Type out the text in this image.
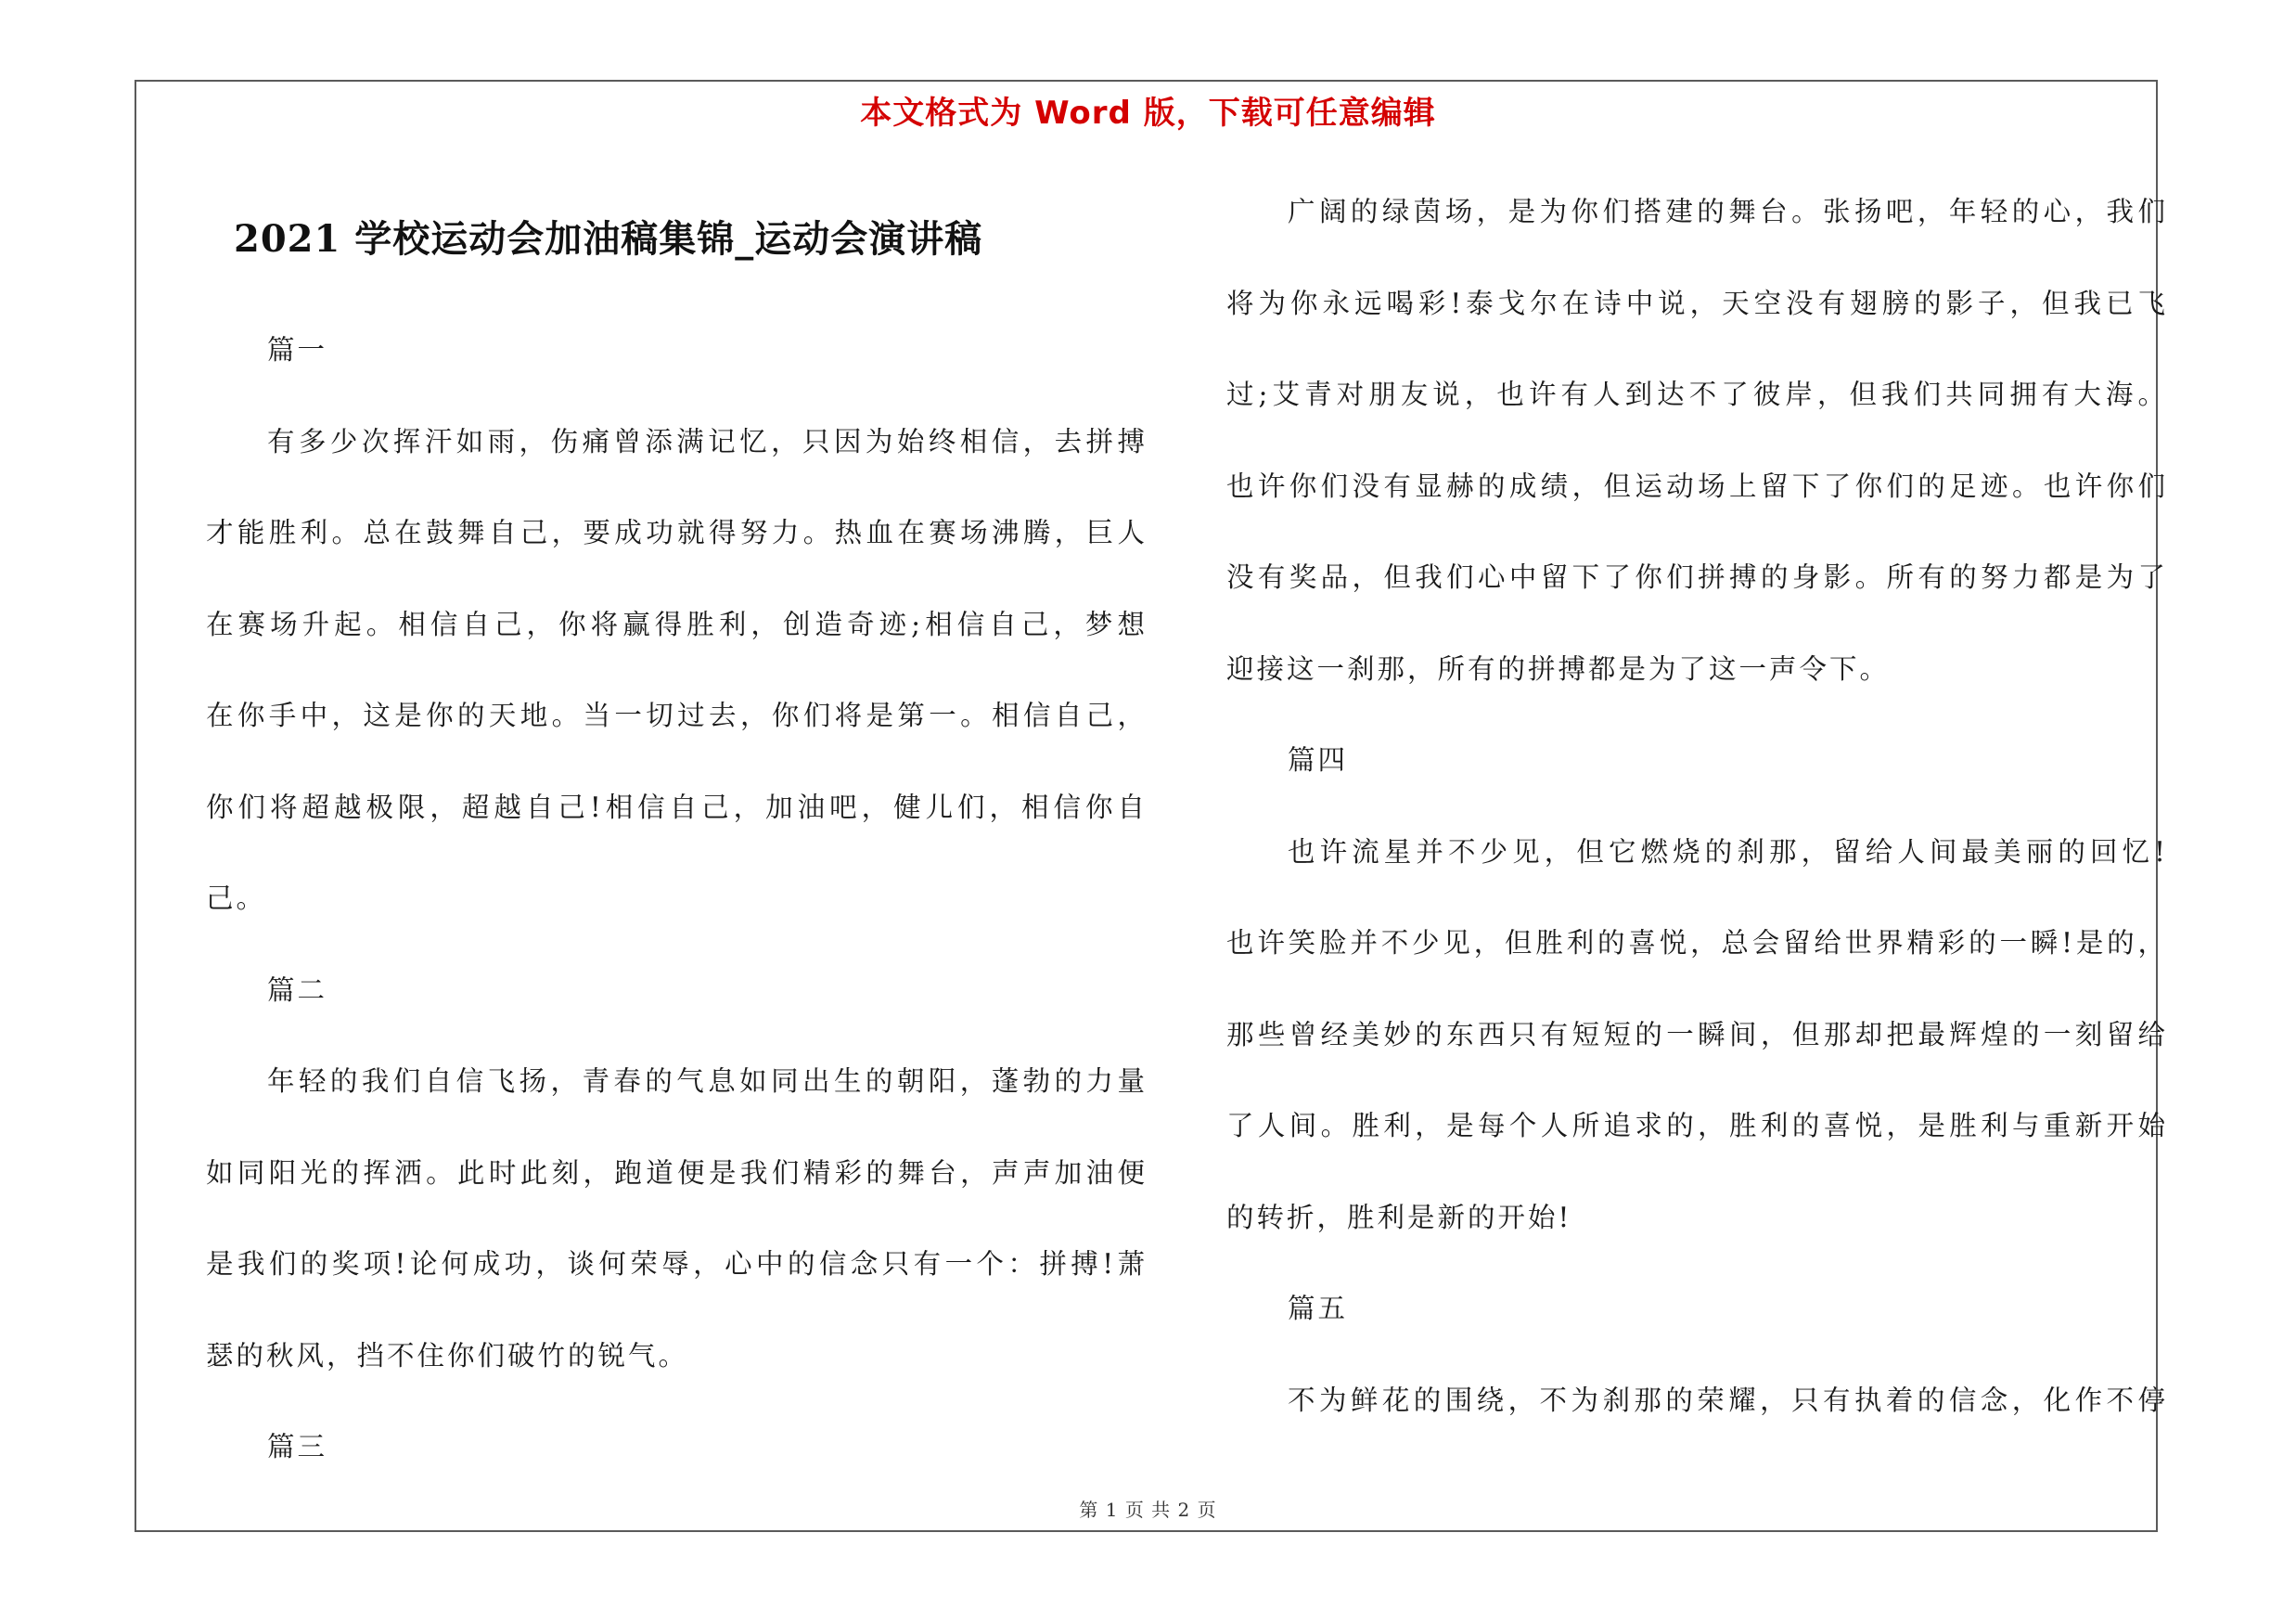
本文格式为 Word 版，下载可任意编辑
2021 学校运动会加油稿集锦_运动会演讲稿
篇一
有多少次挥汗如雨，伤痛曾添满记忆，只因为始终相信，去拼搏
才能胜利。总在鼓舞自己，要成功就得努力。热血在赛场沸腾，巨人
在赛场升起。相信自己，你将赢得胜利，创造奇迹;相信自己，梦想
在你手中，这是你的天地。当一切过去，你们将是第一。相信自己，
你们将超越极限，超越自己!相信自己，加油吧，健儿们，相信你自
己。
篇二
年轻的我们自信飞扬，青春的气息如同出生的朝阳，蓬勃的力量
如同阳光的挥洒。此时此刻，跑道便是我们精彩的舞台，声声加油便
是我们的奖项!论何成功，谈何荣辱，心中的信念只有一个：拼搏!萧
瑟的秋风，挡不住你们破竹的锐气。
篇三
广阔的绿茵场，是为你们搭建的舞台。张扬吧，年轻的心，我们
将为你永远喝彩!泰戈尔在诗中说，天空没有翅膀的影子，但我已飞
过;艾青对朋友说，也许有人到达不了彼岸，但我们共同拥有大海。
也许你们没有显赫的成绩，但运动场上留下了你们的足迹。也许你们
没有奖品，但我们心中留下了你们拼搏的身影。所有的努力都是为了
迎接这一刹那，所有的拼搏都是为了这一声令下。
篇四
也许流星并不少见，但它燃烧的刹那，留给人间最美丽的回忆!
也许笑脸并不少见，但胜利的喜悦，总会留给世界精彩的一瞬!是的，
那些曾经美妙的东西只有短短的一瞬间，但那却把最辉煌的一刻留给
了人间。胜利，是每个人所追求的，胜利的喜悦，是胜利与重新开始
的转折，胜利是新的开始!
篇五
不为鲜花的围绕，不为刹那的荣耀，只有执着的信念，化作不停
第 1 页 共 2 页
